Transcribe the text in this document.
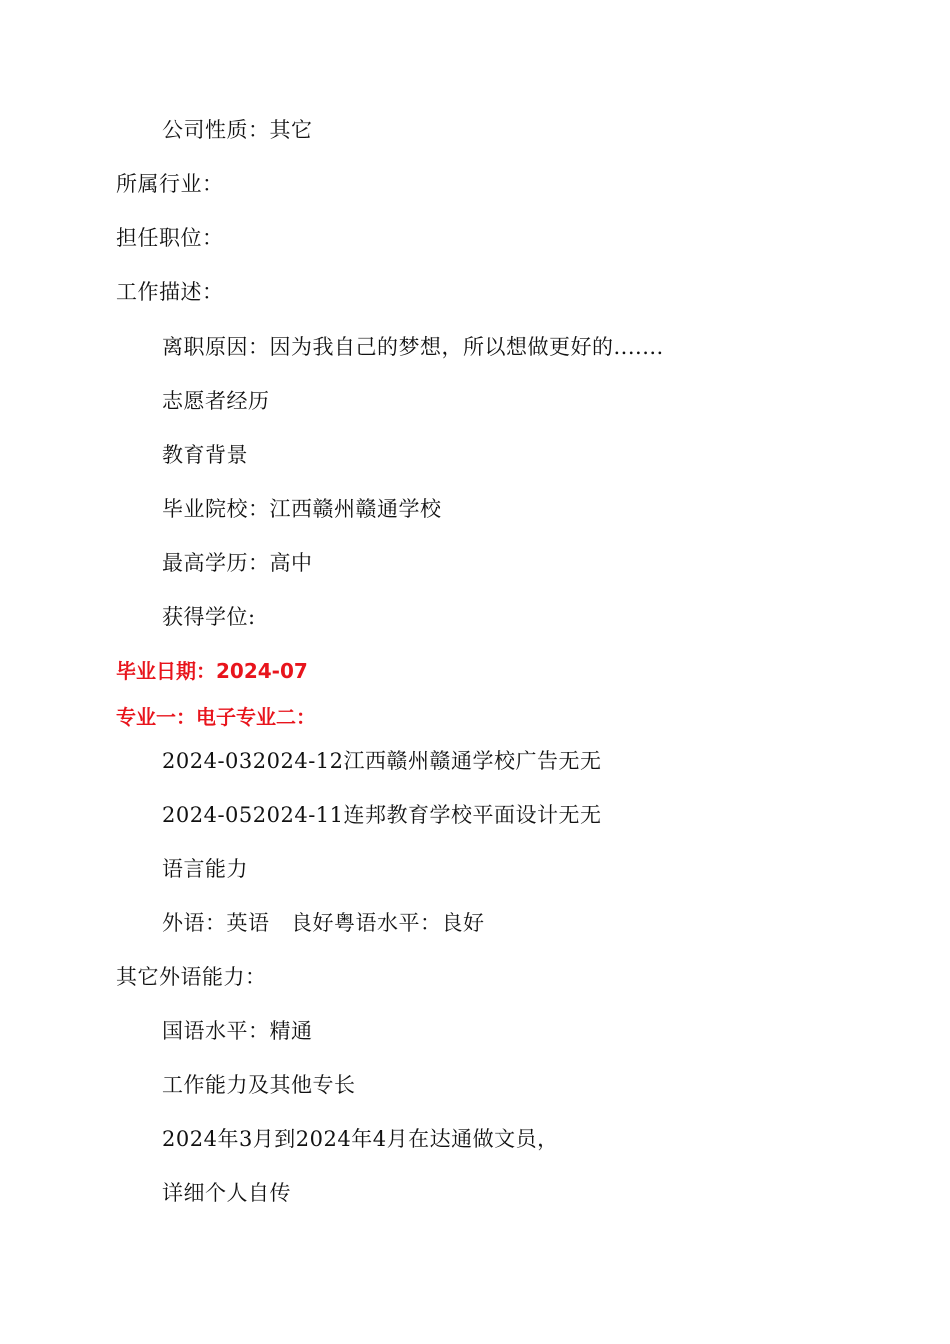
公司性质：其它
所属行业：
担任职位：
工作描述：
离职原因：因为我自己的梦想，所以想做更好的.......
志愿者经历
教育背景
毕业院校：江西赣州赣通学校
最高学历：高中
获得学位:
毕业日期：2024-07
专业一：电子专业二：
2024-032024-12江西赣州赣通学校广告无无
2024-052024-11连邦教育学校平面设计无无
语言能力
外语：英语　良好粤语水平：良好
其它外语能力：
国语水平：精通
工作能力及其他专长
2024年3月到2024年4月在达通做文员，
详细个人自传
